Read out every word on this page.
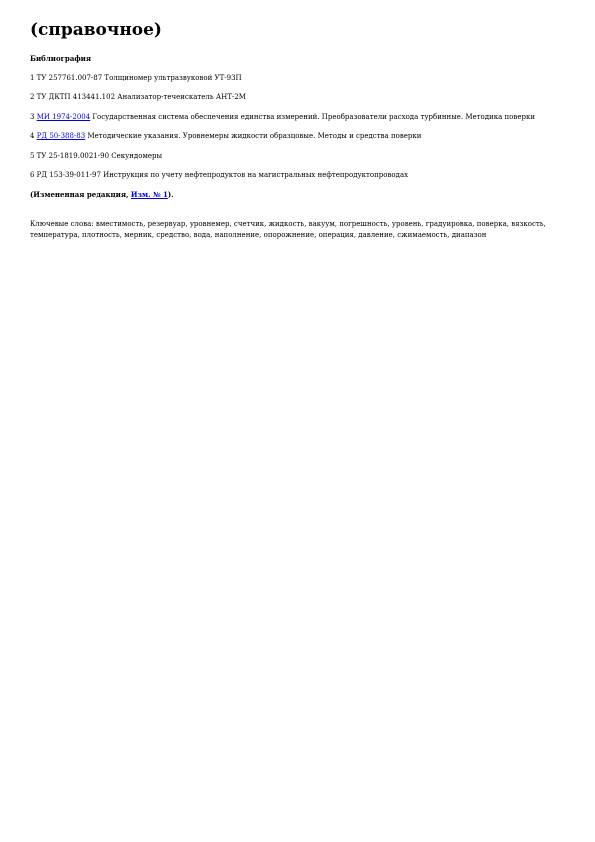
(справочное)
Библиография
1 ТУ 257761.007-87 Толщиномер ультразвуковой УТ-93П
2 ТУ ДКТП 413441.102 Анализатор-течеискатель АНТ-2М
3 МИ 1974-2004 Государственная система обеспечения единства измерений. Преобразователи расхода турбинные. Методика поверки
4 РД 50-388-83 Методические указания. Уровнемеры жидкости образцовые. Методы и средства поверки
5 ТУ 25-1819.0021-90 Секундомеры
6 РД 153-39-011-97 Инструкция по учету нефтепродуктов на магистральных нефтепродуктопроводах
(Измененная редакция, Изм. № 1).
Ключевые слова: вместимость, резервуар, уровнемер, счетчик, жидкость, вакуум, погрешность, уровень, градуировка, поверка, вязкость, температура, плотность, мерник, средство, вода, наполнение, опорожнение, операция, давление, сжимаемость, диапазон
